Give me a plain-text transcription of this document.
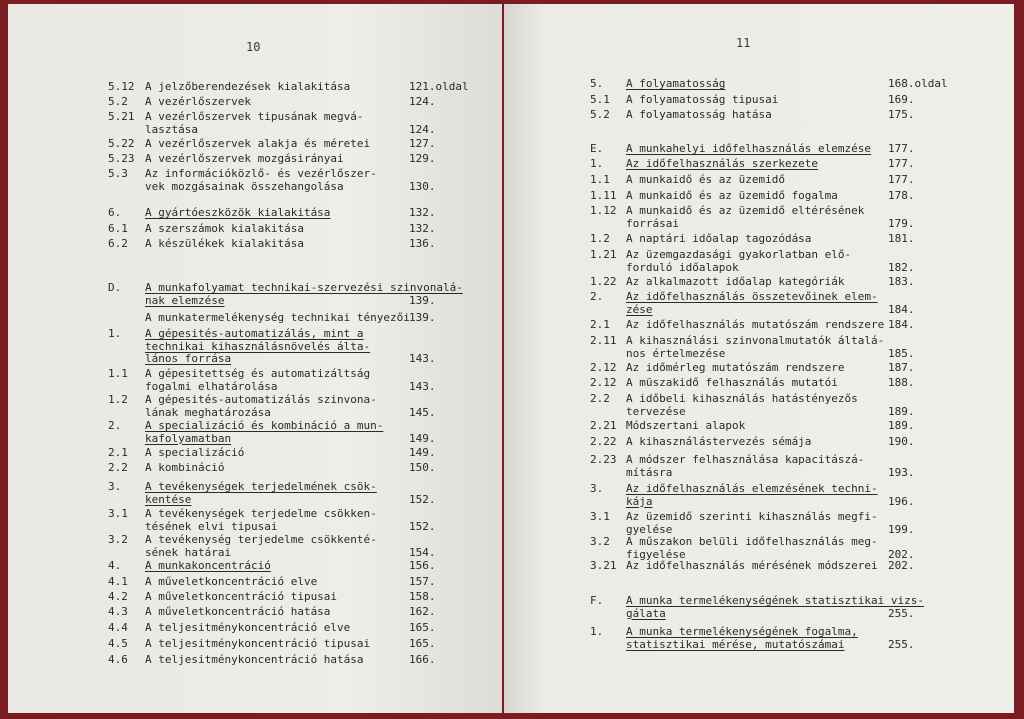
10
5.12 A jelzőberendezések kialakitása	121.oldal
5.2 A vezérlőszervek	124.
5.21 A vezérlőszervek tipusának megvá-
lasztása	124.
5.22 A vezérlőszervek alakja és méretei	127.
5.23 A vezérlőszervek mozgásirányai	129.
5.3 Az információközlő- és vezérlőszer-
vek mozgásainak összehangolása	130.
6. A gyártóeszközök kialakitása	132.
6.1 A szerszámok kialakitása	132.
6.2 A készülékek kialakitása	136.
D. A munkafolyamat technikai-szervezési szinvonalá-
nak elemzése	139.
A munkatermelékenység technikai tényezői 139.
1. A gépesités-automatizálás, mint a
technikai kihasználásnövelés álta-
lános forrása	143.
1.1 A gépesitettség és automatizáltság
fogalmi elhatárolása	143.
1.2 A gépesités-automatizálás szinvona-
lának meghatározása	145.
2. A specializáció és kombináció a mun-
kafolyamatban	149.
2.1 A specializáció	149.
2.2 A kombináció	150.
3. A tevékenységek terjedelmének csök-
kentése	152.
3.1 A tevékenységek terjedelme csökken-
tésének elvi tipusai	152.
3.2 A tevékenység terjedelme csökkenté-
sének határai	154.
4. A munkakoncentráció	156.
4.1 A műveletkoncentráció elve	157.
4.2 A műveletkoncentráció tipusai	158.
4.3 A műveletkoncentráció hatása	162.
4.4 A teljesitménykoncentráció elve	165.
4.5 A teljesitménykoncentráció tipusai	165.
4.6 A teljesitménykoncentráció hatása	166.
11
5. A folyamatosság	168.oldal
5.1 A folyamatosság tipusai	169.
5.2 A folyamatosság hatása	175.
E. A munkahelyi időfelhasználás elemzése 177.
1. Az időfelhasználás szerkezete	177.
1.1 A munkaidő és az üzemidő	177.
1.11 A munkaidő és az üzemidő fogalma	178.
1.12 A munkaidő és az üzemidő eltérésének
forrásai	179.
1.2 A naptári időalap tagozódása	181.
1.21 Az üzemgazdasági gyakorlatban elő-
forduló időalapok	182.
1.22 Az alkalmazott időalap kategóriák	183.
2. Az időfelhasználás összetevőinek elem-
zése	184.
2.1 Az időfelhasználás mutatószám rendszere 184.
2.11 A kihasználási szinvonalmutatók általá-
nos értelmezése	185.
2.12 Az időmérleg mutatószám rendszere	187.
2.12 A müszakidő felhasználás mutatói	188.
2.2 A időbeli kihasználás hatástényezős
tervezése	189.
2.21 Módszertani alapok	189.
2.22 A kihasználástervezés sémája	190.
2.23 A módszer felhasználása kapacitászá-
mításra	193.
3. Az időfelhasználás elemzésének techni-
kája	196.
3.1 Az üzemidő szerinti kihasználás megfi-
gyelése	199.
3.2 A műszakon belüli időfelhasználás meg-
figyelése	202.
3.21 Az időfelhasználás mérésének módszerei 202.
F. A munka termelékenységének statisztikai vizs-
gálata	255.
1. A munka termelékenységének fogalma,
statisztikai mérése, mutatószámai	255.
